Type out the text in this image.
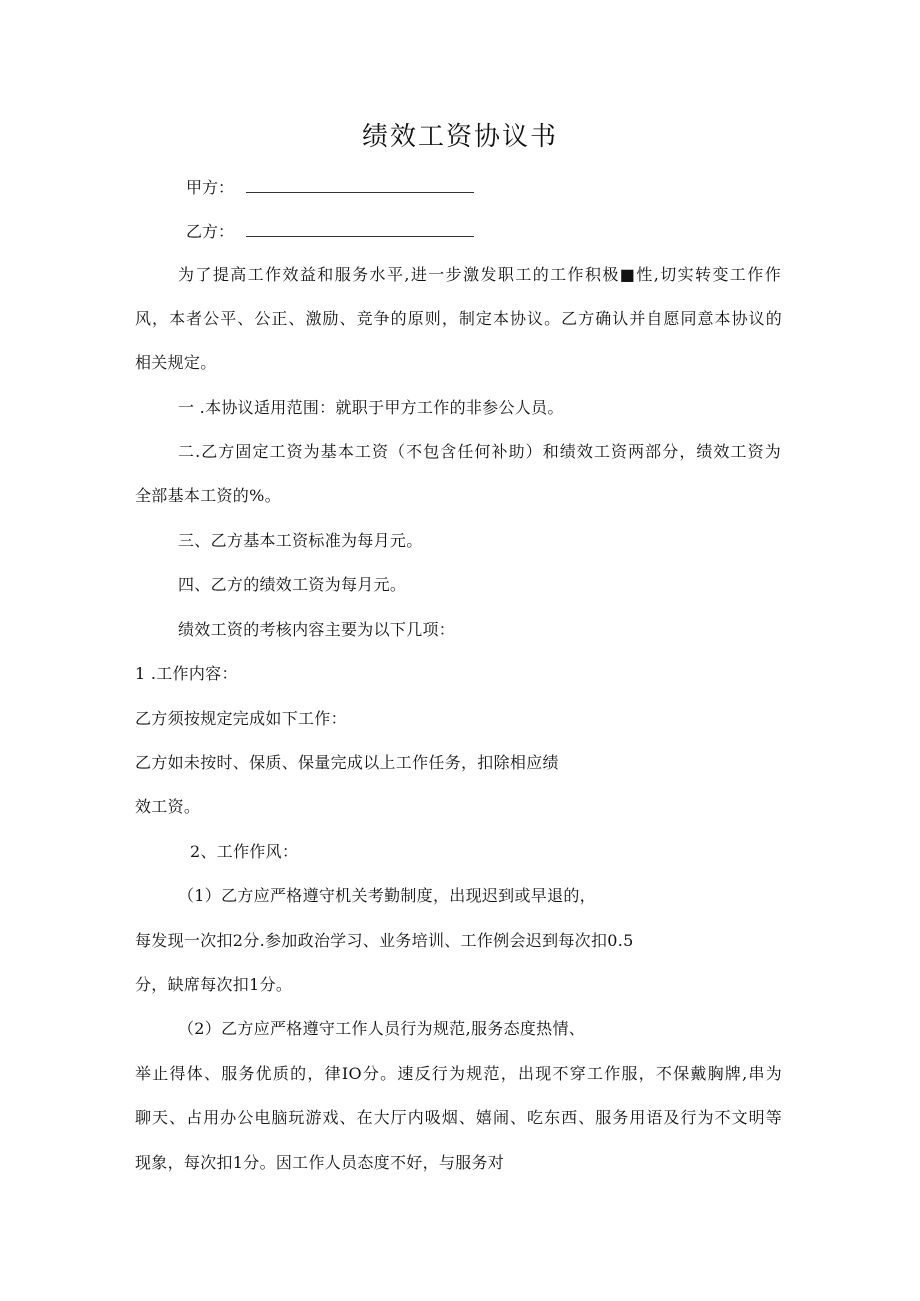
绩效工资协议书
甲方：
乙方：
为了提高工作效益和服务水平,进一步激发职工的工作积极■性,切实转变工作作
风，本者公平、公正、激励、竞争的原则，制定本协议。乙方确认并自愿同意本协议的
相关规定。
一 .本协议适用范围：就职于甲方工作的非参公人员。
二.乙方固定工资为基本工资（不包含任何补助）和绩效工资两部分，绩效工资为
全部基本工资的%。
三、乙方基本工资标准为每月元。
四、乙方的绩效工资为每月元。
绩效工资的考核内容主要为以下几项：
1 .工作内容：
乙方须按规定完成如下工作：
乙方如未按时、保质、保量完成以上工作任务，扣除相应绩
效工资。
2、工作作风：
（1）乙方应严格遵守机关考勤制度，出现迟到或早退的，
每发现一次扣2分.参加政治学习、业务培训、工作例会迟到每次扣0.5
分，缺席每次扣1分。
（2）乙方应严格遵守工作人员行为规范,服务态度热情、
举止得体、服务优质的，律IO分。速反行为规范，出现不穿工作服，不保戴胸牌,串为
聊天、占用办公电脑玩游戏、在大厅内吸烟、嬉闹、吃东西、服务用语及行为不文明等
现象，每次扣1分。因工作人员态度不好，与服务对
